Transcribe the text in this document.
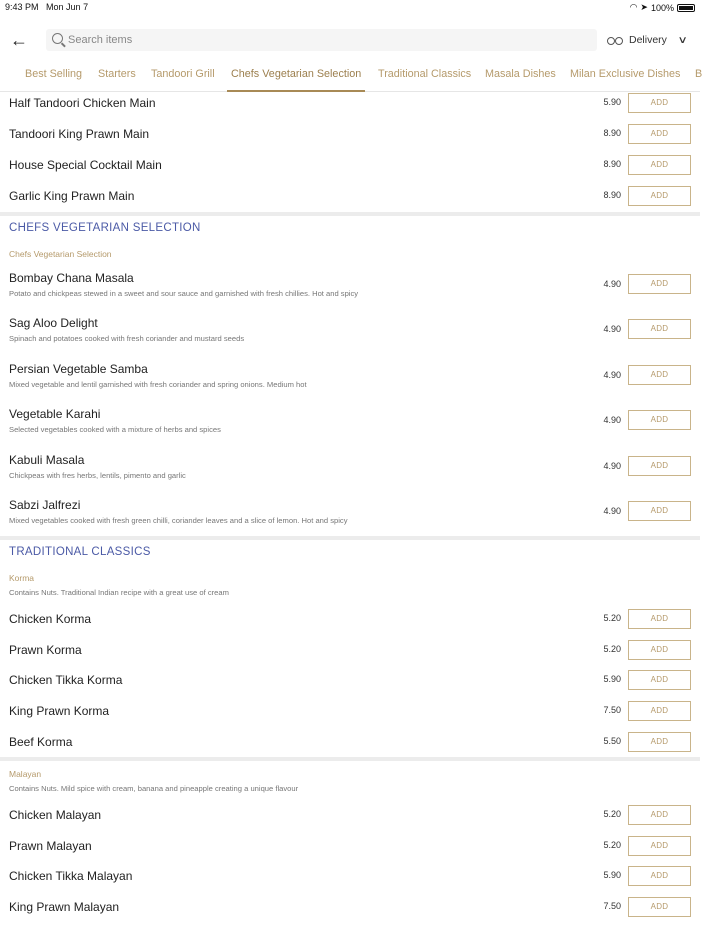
9:43 PM Mon Jun 7	◠ ➤ 100%
←
Search items	Delivery ∨
Best Selling Starters Tandoori Grill	Chefs Vegetarian Selection	Traditional Classics Masala Dishes Milan Exclusive Dishes B
Half Tandoori Chicken Main	5.90	ADD
Tandoori King Prawn Main	8.90	ADD
House Special Cocktail Main	8.90	ADD
Garlic King Prawn Main	8.90	ADD
CHEFS VEGETARIAN SELECTION
Chefs Vegetarian Selection
Bombay Chana Masala
Potato and chickpeas stewed in a sweet and sour sauce and garnished with fresh chillies. Hot and spicy
4.90	ADD
Sag Aloo Delight
Spinach and potatoes cooked with fresh coriander and mustard seeds
4.90	ADD
Persian Vegetable Samba
Mixed vegetable and lentil garnished with fresh coriander and spring onions. Medium hot
4.90	ADD
Vegetable Karahi
Selected vegetables cooked with a mixture of herbs and spices
4.90	ADD
Kabuli Masala
Chickpeas with fres herbs, lentils, pimento and garlic
4.90	ADD
Sabzi Jalfrezi
Mixed vegetables cooked with fresh green chilli, coriander leaves and a slice of lemon. Hot and spicy
4.90	ADD
TRADITIONAL CLASSICS
Korma
Contains Nuts. Traditional Indian recipe with a great use of cream
Chicken Korma	5.20	ADD
Prawn Korma	5.20	ADD
Chicken Tikka Korma	5.90	ADD
King Prawn Korma	7.50	ADD
Beef Korma	5.50	ADD
Malayan
Contains Nuts. Mild spice with cream, banana and pineapple creating a unique flavour
Chicken Malayan	5.20	ADD
Prawn Malayan	5.20	ADD
Chicken Tikka Malayan	5.90	ADD
King Prawn Malayan	7.50	ADD
